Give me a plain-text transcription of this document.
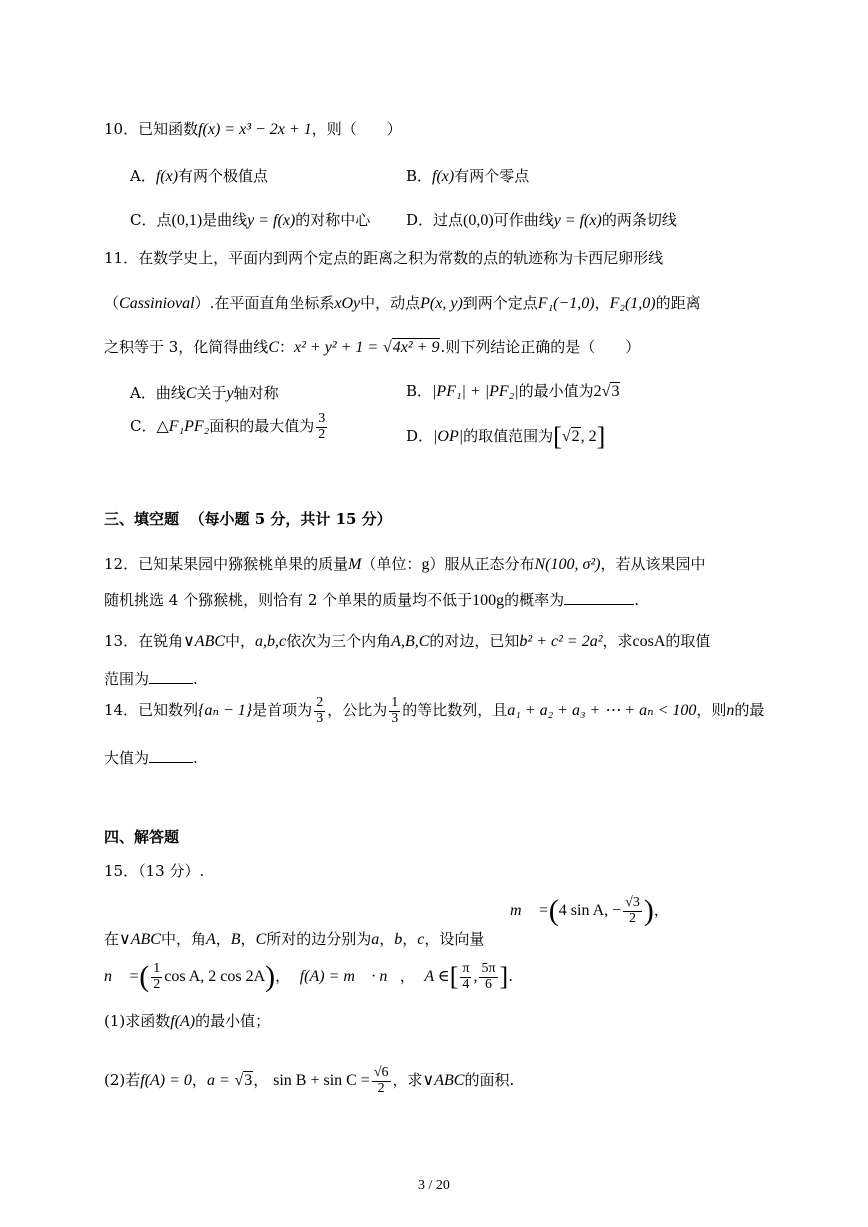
10．已知函数f(x) = x³ − 2x + 1，则（　　）
A．f(x)有两个极值点	B．f(x)有两个零点
C．点(0,1)是曲线y = f(x)的对称中心 D．过点(0,0)可作曲线y = f(x)的两条切线
11．在数学史上，平面内到两个定点的距离之积为常数的点的轨迹称为卡西尼卵形线
（Cassinioval）.在平面直角坐标系xOy中，动点P(x, y)到两个定点F₁(−1,0)，F₂(1,0)的距离
之积等于 3，化简得曲线C：x² + y² + 1 = √4x² + 9.则下列结论正确的是（　　）
A．曲线C关于y轴对称	B．|PF₁| + |PF₂|的最小值为2√3
C．△F₁PF₂面积的最大值为 $\frac{3}{2}$	D．|OP|的取值范围为[√2, 2]
三、填空题 （每小题 5 分，共计 15 分）
12．已知某果园中猕猴桃单果的质量M（单位：g）服从正态分布N(100, σ²)，若从该果园中
随机挑选 4 个猕猴桃，则恰有 2 个单果的质量均不低于100g的概率为	.
13．在锐角∨ABC中，a,b,c依次为三个内角A,B,C的对边，已知b² + c² = 2a²，求cosA的取值
范围为	.
14．已知数列{aₙ − 1}是首项为 $\frac{2}{3}$ ，公比为 $\frac{1}{3}$ 的等比数列，且a₁ + a₂ + a₃ + ⋯ + aₙ < 100，则n的最
大值为	.
四、解答题
15．（13 分）.
m⃗ =(4 sin A, − $\frac{√3}{2}$ )，
在∨ABC中，角A，B，C所对的边分别为a，b，c，设向量
n⃗ =( $\frac{1}{2}$ cos A, 2 cos 2A)， f(A) = m⃗ · n⃗， A ∈[ $\frac{\pi}{4}$ , $\frac{5\pi}{6}$ ].
(1)求函数f(A)的最小值；
(2)若f(A) = 0，a = √3， $\sin B + \sin C = \frac{√6}{2}$ ，求∨ABC的面积.
3 / 20
